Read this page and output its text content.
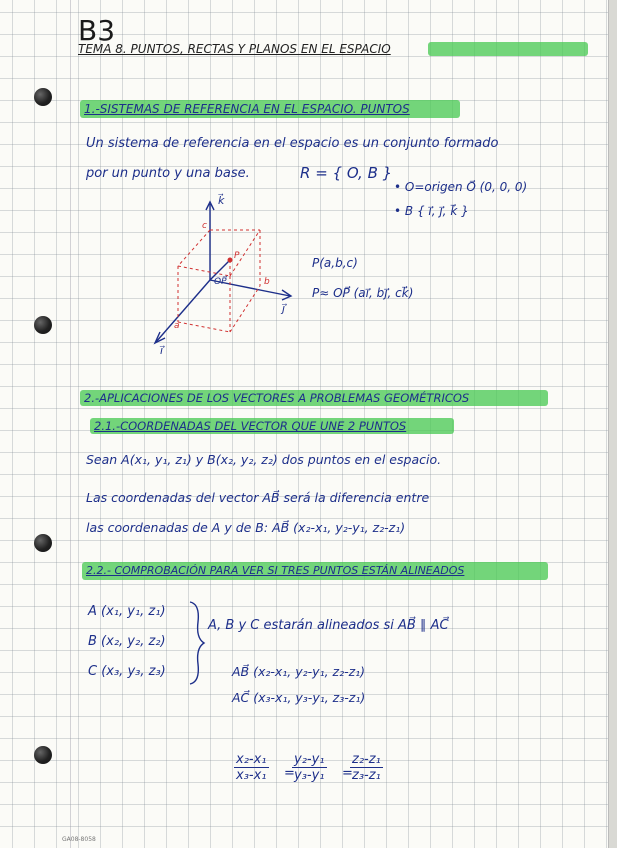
B3
TEMA 8. PUNTOS, RECTAS Y PLANOS EN EL ESPACIO
1.-SISTEMAS DE REFERENCIA EN EL ESPACIO. PUNTOS
Un sistema de referencia en el espacio es un conjunto formado
por un punto y una base.	R = { O, B }
• O=origen O⃗ (0, 0, 0)
• B { i⃗, j⃗, k⃗ }
k⃗
j⃗
i⃗
OP⃗
P
a
b
c
P(a,b,c)
P≈ OP⃗ (ai⃗, bj⃗, ck⃗)
2.-APLICACIONES DE LOS VECTORES A PROBLEMAS GEOMÉTRICOS
2.1.-COORDENADAS DEL VECTOR QUE UNE 2 PUNTOS
Sean A(x₁, y₁, z₁) y B(x₂, y₂, z₂) dos puntos en el espacio.
Las coordenadas del vector AB⃗ será la diferencia entre
las coordenadas de A y de B: AB⃗ (x₂-x₁, y₂-y₁, z₂-z₁)
2.2.- COMPROBACIÓN PARA VER SI TRES PUNTOS ESTÁN ALINEADOS
A (x₁, y₁, z₁)
B (x₂, y₂, z₂)
C (x₃, y₃, z₃)
A, B y C estarán alineados si AB⃗ ∥ AC⃗
AB⃗ (x₂-x₁, y₂-y₁, z₂-z₁)
AC⃗ (x₃-x₁, y₃-y₁, z₃-z₁)
$\frac{\text{x₂-x₁}}{\text{x₃-x₁}}$ =
$\frac{\text{y₂-y₁}}{\text{y₃-y₁}}$ =
$\frac{\text{z₂-z₁}}{\text{z₃-z₁}}$
GA08-8058
